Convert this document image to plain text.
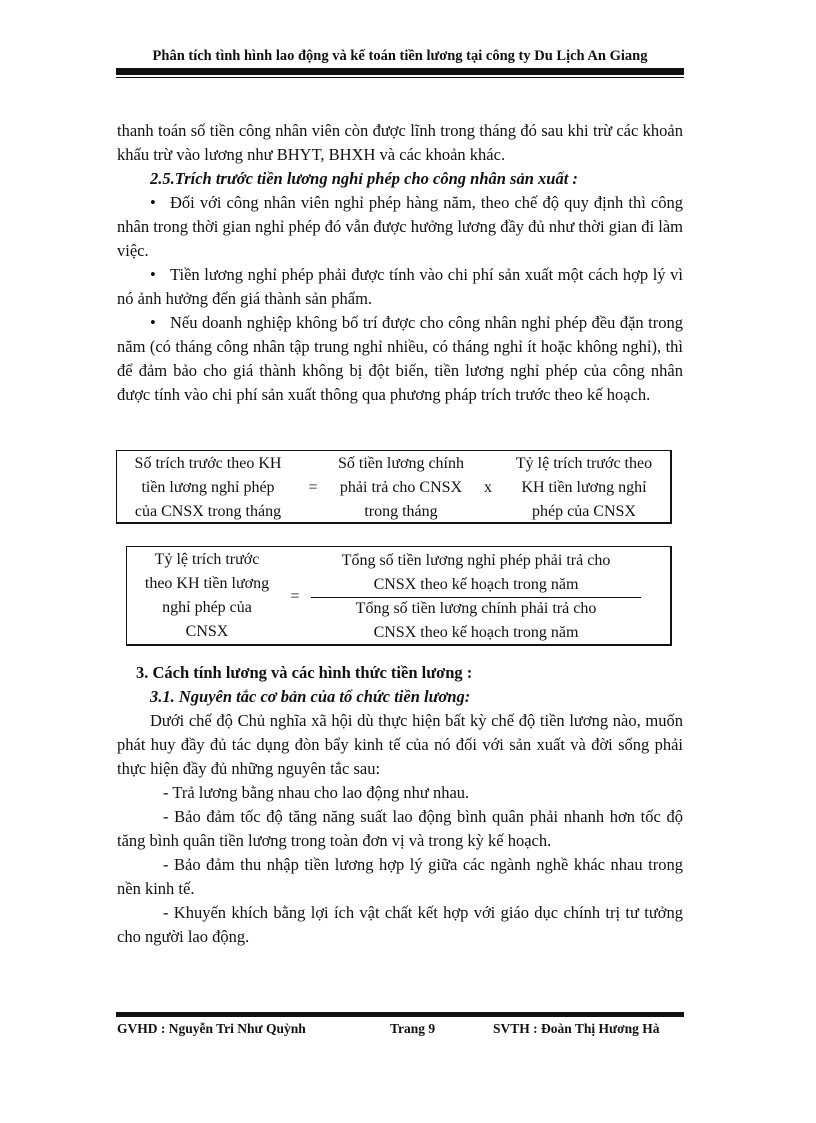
Phân tích tình hình lao động và kế toán tiền lương tại công ty Du Lịch An Giang
thanh toán số tiền công nhân viên còn được lĩnh trong tháng đó sau khi trừ các khoản khấu trừ vào lương như BHYT, BHXH và các khoản khác.
2.5.Trích trước tiền lương nghỉ phép cho công nhân sản xuất :
• Đối với công nhân viên nghỉ phép hàng năm, theo chế độ quy định thì công nhân trong thời gian nghỉ phép đó vẫn được hưởng lương đầy đủ như thời gian đi làm việc.
• Tiền lương nghỉ phép phải được tính vào chi phí sản xuất một cách hợp lý vì nó ảnh hưởng đến giá thành sản phẩm.
• Nếu doanh nghiệp không bố trí được cho công nhân nghỉ phép đều đặn trong năm (có tháng công nhân tập trung nghỉ nhiều, có tháng nghỉ ít hoặc không nghỉ), thì để đảm bảo cho giá thành không bị đột biến, tiền lương nghỉ phép của công nhân được tính vào chi phí sản xuất thông qua phương pháp trích trước theo kế hoạch.
Số trích trước theo KH
tiền lương nghỉ phép
của CNSX trong tháng
=
Số tiền lương chính
phải trả cho CNSX
trong tháng
x
Tỷ lệ trích trước theo
KH tiền lương nghỉ
phép của CNSX
Tỷ lệ trích trước
theo KH tiền lương
nghỉ phép của
CNSX
=
Tổng số tiền lương nghỉ phép phải trả cho
CNSX theo kế hoạch trong năm
Tổng số tiền lương chính phải trả cho
CNSX theo kế hoạch trong năm
3. Cách tính lương và các hình thức tiền lương :
3.1. Nguyên tắc cơ bản của tổ chức tiền lương:
Dưới chế độ Chủ nghĩa xã hội dù thực hiện bất kỳ chế độ tiền lương nào, muốn phát huy đầy đủ tác dụng đòn bẩy kinh tế của nó đối với sản xuất và đời sống phải thực hiện đầy đủ những nguyên tắc sau:
- Trả lương bằng nhau cho lao động như nhau.
- Bảo đảm tốc độ tăng năng suất lao động bình quân phải nhanh hơn tốc độ tăng bình quân tiền lương trong toàn đơn vị và trong kỳ kế hoạch.
- Bảo đảm thu nhập tiền lương hợp lý giữa các ngành nghề khác nhau trong nền kinh tế.
- Khuyến khích bằng lợi ích vật chất kết hợp với giáo dục chính trị tư tưởng cho người lao động.
GVHD : Nguyễn Tri Như Quỳnh	Trang 9	SVTH : Đoàn Thị Hương Hà
